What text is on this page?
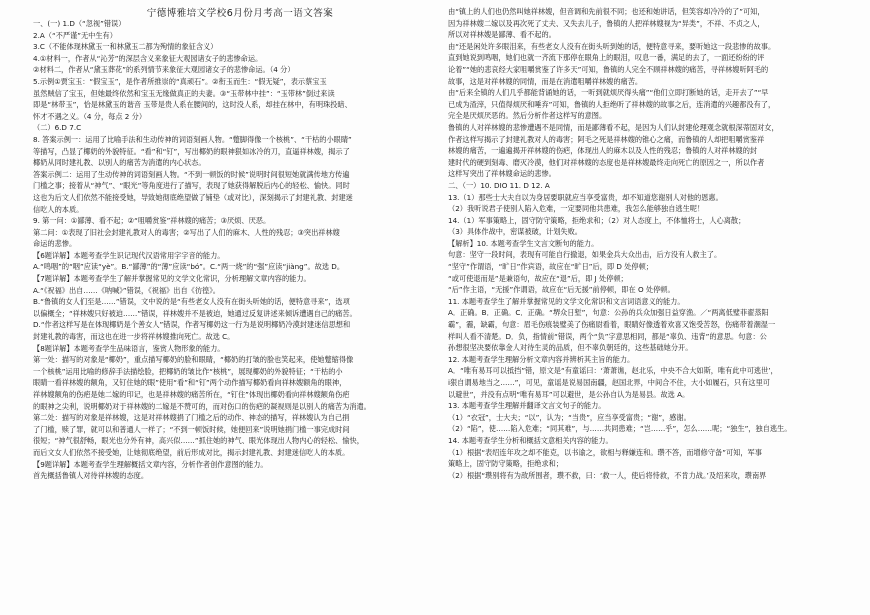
宁德博雅培文学校6月份月考高一语文答案
一、(一) 1.D（“忽视”错误）
2.A（“不严谨”无中生有）
3.C（不能体现林黛玉一和林黛玉二都为殉情的象征含义）
4.①材料一，作者从“沁芳”的深层含义来象征大观园诸女子的悲惨命运。
②材料二，作者从“黛玉葬花”的系列情节来象征大观园诸女子的悲惨命运。（4 分）
5.示例①贾宝玉：“假宝玉”，是作者所推崇的“真顽石”。②衔玉而生：“假无疑”，表示蔡宝玉
虽然贼信了宝玉，但她最终依然和宝玉无缘做真正的夫妻。③“玉带林中挂”：“玉带林”倒过来读
即是“林带玉”，恰是林黛玉的谐音 玉带是贵人系在腰间的，这时没人系，却挂在林中，有明珠投暗、
怀才不遇之义。（4 分，每点 2 分）
（二）6.D 7.C
8. 答案示例一：运用了比喻手法和生动传神的词语刻画人物。“蹩脚得像一个核桃”、“干枯的小眼睛”
等描写，凸显了椰奶的外貌特征。“看”和“钉”，写出椰奶的眼神狠如冰冷的刀，直逼祥林嫂，揭示了
椰奶从同时建礼教、以别人的痛苦为消遣的内心状态。
答案示例二：运用了生动传神的词语刻画人物。“不到一顿饭的时候”说明时间很短她就满传地方传遍
门槛之事；接着从“神气”、“眼光”等角度进行了描写，表现了她获得解脱后内心的轻松、愉快。同时
这也为后文人们依然不能接受她，导致她彻底绝望做了铺垫（或对比），深刻揭示了封建礼教、封建迷
信吃人的本质。
9. 第一问：①鄙薄、看不起；②“咀嚼赏鉴”祥林嫂的痛苦；③厌烦、厌恶。
第二问：①表现了旧社会封建礼教对人的毒害；②写出了人们的麻木、人性的残忍；③突出祥林嫂
命运的悲惨。
【6题详解】本题考查学生识记现代汉语常用字字音的能力。
A.“鸣咽”的“咽”应读“yè”。B.“鄙薄”的“薄”应读“bó”。C.“两一烧”的“强”应读“jiàng”。故选 D。
【7题详解】本题考查学生了解并掌握常见的文学文化常识，分析理解文章内容的能力。
A.“《祝福》出自……《呐喊》”错误，《祝福》出自《彷徨》。
B.“鲁镇的女人们至是……”错误，文中说的是“有些老女人没有在街头听她的话，便特意寻来”，选项
以偏概全；“祥林嫂只好被迫……”错误，祥林嫂并不是被迫，她通过反复讲述来倾诉遭遇自己的痛苦。
D.“作者这样写是在体现椰奶是个善女人”错误，作者写椰奶这一行为是说明椰奶冷漠封建迷信思想和
封建礼教的毒害，而这也在进一步将祥林嫂推向死亡。故选 C。
【8题详解】本题考查学生品味语言，鉴赏人物形象的能力。
第一处：描写的对象是“椰奶”，重点描写椰奶的脸和眼睛，“椰奶的打皱的脸也笑起来，使她蹩缩得像
一个核桃”运用比喻的修辞手法描绘脸，把椰奶的皱比作“核桃”，展现椰奶的外貌特征；“干枯的小
眼睛一看祥林嫂的额角，又钉住她的眼”使用“看”和“钉”两个动作描写椰奶看向祥林嫂额角的眼神，
祥林嫂额角的伤疤是她二嫁的印记，也是祥林嫂的痛苦所在，“钉住”体现出椰奶看向祥林嫂额角伤疤
的眼神之尖利，说明椰奶对于祥林嫂的二嫁是不赞可的，而对伤口的伤疤的凝视则是以别人的痛苦为消遣。
第二处：描写的对象是祥林嫂，这是对祥林嫂捐了门槛之后的动作、神态的描写，祥林嫂认为自己捐
了门槛，赎了罪，就可以和普通人一样了；“不到一顿饭时候，她便回来”说明她捐门槛一事完成时间
很短；“神气很舒畅，眼光也分外有神，高兴似……”抓住她的神气、眼光体现出人物内心的轻松、愉快，
而后文女人们依然不接受她，让她彻底绝望，前后形成对比，揭示封建礼教、封建迷信吃人的本质。
【9题详解】本题考查学生理解概括文章内容，分析作者创作意图的能力。
首先概括鲁镇人对待祥林嫂的态度。
由“镇上的人们也仍然叫她祥林嫂，但音调和先前很不同；也还和她讲话，但笑容却冷冷的了”可知，
因为祥林嫂二嫁以及再次死了丈夫、又失去儿子，鲁镇的人把祥林嫂视为“异类”，不祥、不贞之人，
所以对祥林嫂是鄙薄、看不起的。
由“还是闲处许多眼泪来，有些老女人没有在街头听到她的话，便特意寻来，要听她这一段悲惨的故事。
直到她说到鸣咽，她们也就一齐流下那停在眼角上的眼泪，叹息一番，满足的去了，一面还纷纷的评
论着”“她的悲哀经大家咀嚼赏鉴了许多天”可知，鲁镇的人完全不顾祥林嫂的痛苦，寻祥林嫂听阿毛的
故事，这是对祥林嫂的同情，而是在消遣咀嚼祥林嫂的痛苦。
由“后来全镇的人们几乎都能背诵她的话，一听到就烦厌得头痛”“他们立即打断她的话，走开去了”“早
已成为渣滓，只值得烦厌和唾弃”可知，鲁镇的人拒绝听了祥林嫂的故事之后，连消遣的兴趣都没有了，
完全是厌烦厌恶的。然后分析作者这样写的意图。
鲁镇的人对祥林嫂的悲惨遭遇不是同情，而是鄙薄看不起，是因为人们认封建伦理观念就根深蒂固对女，
作者这样写揭示了封建礼教对人的毒害；阿毛之死是祥林嫂的锥心之痛，而鲁镇的人却把咀嚼赏鉴祥
林嫂的痛苦，一遍遍揭开祥林嫂的伤疤，体现出人的麻木以及人性的残忍；鲁镇的人对祥林嫂的封
建时代的硬到刻毒、磨灭冷漠，他们对祥林嫂的态度也是祥林嫂最终走向死亡的原因之一，所以作者
这样写突出了祥林嫂命运的悲惨。
二、（一）10. DIO 11. D 12. A
13.（1）那些士大夫自以为身居要职就应当享受富贵，却不知道您谢别人对他的恩惠。
（2）我听说君子使别人陷入危难，一定要同他共患难，我怎么能够独自逃生呢！
14.（1）军事策略上，固守防守策略，拒绝求和；（2）对人态度上，不体恤将士，人心离散；
（3）具体作战中，密谋被破，计划失败。
【解析】10. 本题考查学生文言文断句的能力。
句意：坚守一段时间，表现有可能自行撤退，如果金兵大众出击，后方没有人救主了。
“坚守”作谓语，“旷日”作宾语，故应在“旷日”后，即 D 处停顿；
“或可使退而是”是兼语句，故应在“退”后，即 J 处停顿；
“后”作主语，“无援”作谓语，故应在“后无援”前停顿，即在 O 处停顿。
11. 本题考查学生了解并掌握常见的文学文化常识和文言词语意义的能力。
A．正确。B．正确。C．正确。“堺众日堑”，句意：公孙的兵众加强日益穿渔。／“两离低璧菲翟蒸阳
霸”，霾，缺霸，句意：眉毛伤痕装璧美了伤痛尉看着，眼睛好像透着欢喜又饱受苦怒，伤痛带着潮湿一
样叫人看不清楚。D．负，指情前“错误，两个“负”字意思相同，都是“辜负、违背”的意思。句意：公
孙想很坚决要依靠金人对待生灵的品质，但不辜负朝廷的，这些基础她分开。
12. 本题考查学生理解分析文章内容并辨析其主旨的能力。
A．“唯有易耳可以抵挡”错，原文是“有童谣曰：‘萧萧谯，赵北乐，中央不合大如斯，唯有此中可逃世’，
ⅰ狠自谓易地当之……”，可见，童谣是说易国南疆，赵国北界，中间合不住，大小如履石，只有这里可
以避世”，并没有点明“唯有易耳”可以避世，是公孙自认为是易县。故选 A。
13. 本题考查学生理解并翻译文言文句子的能力。
（1）“衣冠”，士大夫；“以”，认为；“当贵”，应当享受富贵；“谢”，感谢。
（2）“陷”，使……陷入危难；“同其难”，与……共同患难；“岂……乎”，怎么……呢；“独生”，独自逃生。
14. 本题考查学生分析和概括文意相关内容的能力。
（1）根据“表绍连年攻之却不能克，以书谕之，欲相与释嫌连和。瓒不答，而增修守备”可知，军事
策略上，固守防守策略，拒绝求和；
（2）根据“瓒别将有为敌所围者，瓒不救，曰：‘救一人，使后将恃救，不肯力战。’及绍来攻，瓒南界
